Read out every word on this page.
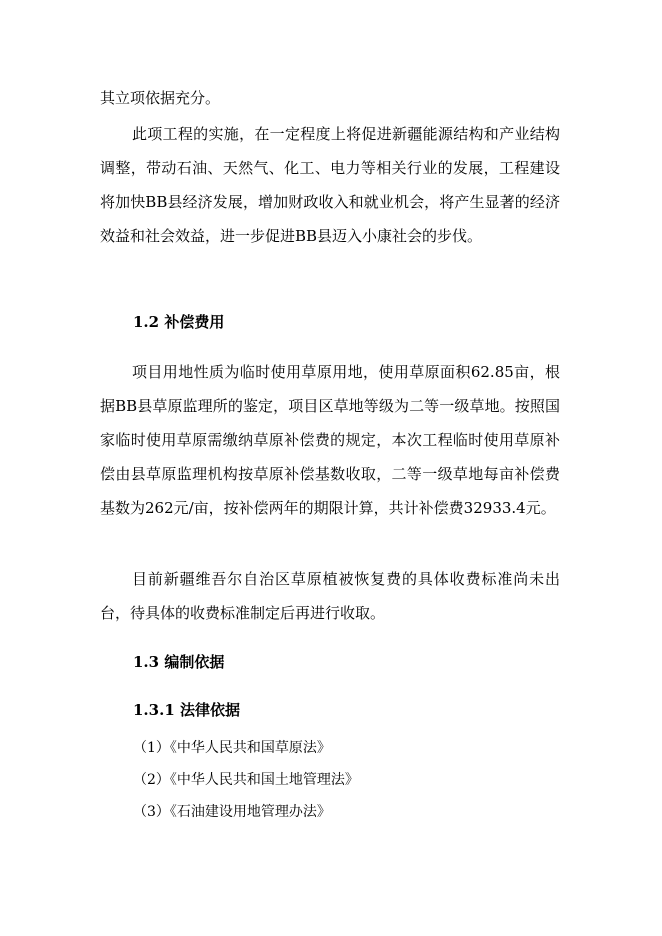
其立项依据充分。

此项工程的实施，在一定程度上将促进新疆能源结构和产业结构调整，带动石油、天然气、化工、电力等相关行业的发展，工程建设将加快BB县经济发展，增加财政收入和就业机会，将产生显著的经济效益和社会效益，进一步促进BB县迈入小康社会的步伐。

1.2 补偿费用

项目用地性质为临时使用草原用地，使用草原面积62.85亩，根据BB县草原监理所的鉴定，项目区草地等级为二等一级草地。按照国家临时使用草原需缴纳草原补偿费的规定，本次工程临时使用草原补偿由县草原监理机构按草原补偿基数收取，二等一级草地每亩补偿费基数为262元/亩，按补偿两年的期限计算，共计补偿费32933.4元。

目前新疆维吾尔自治区草原植被恢复费的具体收费标准尚未出台，待具体的收费标准制定后再进行收取。

1.3 编制依据
1.3.1 法律依据

（1）《中华人民共和国草原法》

（2）《中华人民共和国土地管理法》

（3）《石油建设用地管理办法》
